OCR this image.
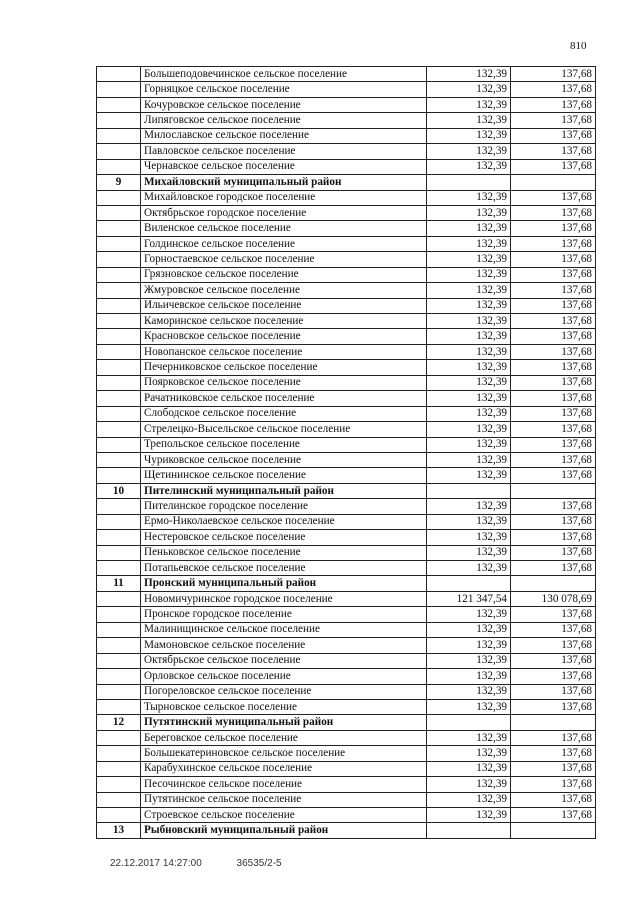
810
	Большеподовечинское сельское поселение	132,39	137,68
	Горняцкое сельское поселение	132,39	137,68
	Кочуровское сельское поселение	132,39	137,68
	Липяговское сельское поселение	132,39	137,68
	Милославское сельское поселение	132,39	137,68
	Павловское сельское поселение	132,39	137,68
	Чернавское сельское поселение	132,39	137,68
9	Михайловский муниципальный район		
	Михайловское городское поселение	132,39	137,68
	Октябрьское городское поселение	132,39	137,68
	Виленское сельское поселение	132,39	137,68
	Голдинское сельское поселение	132,39	137,68
	Горностаевское сельское поселение	132,39	137,68
	Грязновское сельское поселение	132,39	137,68
	Жмуровское сельское поселение	132,39	137,68
	Ильичевское сельское поселение	132,39	137,68
	Каморинское сельское поселение	132,39	137,68
	Красновское сельское поселение	132,39	137,68
	Новопанское сельское поселение	132,39	137,68
	Печерниковское сельское поселение	132,39	137,68
	Поярковское сельское поселение	132,39	137,68
	Рачатниковское сельское поселение	132,39	137,68
	Слободское сельское поселение	132,39	137,68
	Стрелецко-Высельское сельское поселение	132,39	137,68
	Трепольское сельское поселение	132,39	137,68
	Чуриковское сельское поселение	132,39	137,68
	Щетининское сельское поселение	132,39	137,68
10	Пителинский муниципальный район		
	Пителинское городское поселение	132,39	137,68
	Ермо-Николаевское сельское поселение	132,39	137,68
	Нестеровское сельское поселение	132,39	137,68
	Пеньковское сельское поселение	132,39	137,68
	Потапьевское сельское поселение	132,39	137,68
11	Пронский муниципальный район		
	Новомичуринское городское поселение	121 347,54	130 078,69
	Пронское городское поселение	132,39	137,68
	Малинищинское сельское поселение	132,39	137,68
	Мамоновское сельское поселение	132,39	137,68
	Октябрьское сельское поселение	132,39	137,68
	Орловское сельское поселение	132,39	137,68
	Погореловское сельское поселение	132,39	137,68
	Тырновское сельское поселение	132,39	137,68
12	Путятинский муниципальный район		
	Береговское сельское поселение	132,39	137,68
	Большекатериновское сельское поселение	132,39	137,68
	Карабухинское сельское поселение	132,39	137,68
	Песочинское сельское поселение	132,39	137,68
	Путятинское сельское поселение	132,39	137,68
	Строевское сельское поселение	132,39	137,68
13	Рыбновский муниципальный район		
22.12.2017 14:27:00	36535/2-5
